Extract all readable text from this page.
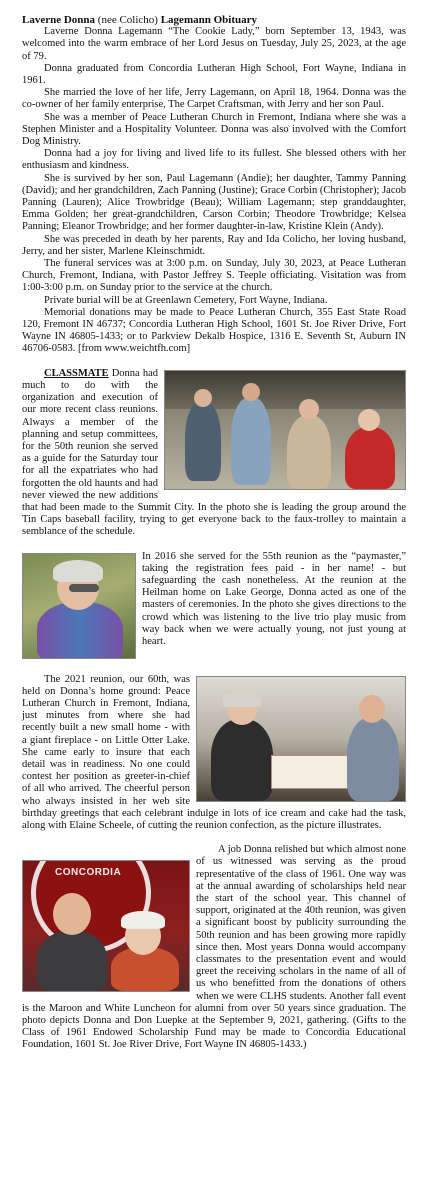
Laverne Donna (nee Colicho) Lagemann Obituary

Laverne Donna Lagemann “The Cookie Lady,” born September 13, 1943, was welcomed into the warm embrace of her Lord Jesus on Tuesday, July 25, 2023, at the age of 79.

Donna graduated from Concordia Lutheran High School, Fort Wayne, Indiana in 1961.

She married the love of her life, Jerry Lagemann, on April 18, 1964. Donna was the co-owner of her family enterprise, The Carpet Craftsman, with Jerry and her son Paul.

She was a member of Peace Lutheran Church in Fremont, Indiana where she was a Stephen Minister and a Hospitality Volunteer. Donna was also involved with the Comfort Dog Ministry.

Donna had a joy for living and lived life to its fullest. She blessed others with her enthusiasm and kindness.

She is survived by her son, Paul Lagemann (Andie); her daughter, Tammy Panning (David); and her grandchildren, Zach Panning (Justine); Grace Corbin (Christopher); Jacob Panning (Lauren); Alice Trowbridge (Beau); William Lagemann; step granddaughter, Emma Golden; her great-grandchildren, Carson Corbin; Theodore Trowbridge; Kelsea Panning; Eleanor Trowbridge; and her former daughter-in-law, Kristine Klein (Andy).

She was preceded in death by her parents, Ray and Ida Colicho, her loving husband, Jerry, and her sister, Marlene Kleinschmidt.

The funeral services was at 3:00 p.m. on Sunday, July 30, 2023, at Peace Lutheran Church, Fremont, Indiana, with Pastor Jeffrey S. Teeple officiating. Visitation was from 1:00-3:00 p.m. on Sunday prior to the service at the church.

Private burial will be at Greenlawn Cemetery, Fort Wayne, Indiana.

Memorial donations may be made to Peace Lutheran Church, 355 East State Road 120, Fremont IN 46737; Concordia Lutheran High School, 1601 St. Joe River Drive, Fort Wayne IN 46805-1433; or to Parkview Dekalb Hospice, 1316 E. Seventh St, Auburn IN 46706-0583. [from www.weichtfh.com]

CLASSMATE Donna had much to do with the organization and execution of our more recent class reunions. Always a member of the planning and setup committees, for the 50th reunion she served as a guide for the Saturday tour for all the expatriates who had forgotten the old haunts and had never viewed the new additions that had been made to the Summit City. In the photo she is leading the group around the Tin Caps baseball facility, trying to get everyone back to the faux-trolley to maintain a semblance of the schedule.

In 2016 she served for the 55th reunion as the “paymaster,” taking the registration fees paid - in her name! - but safeguarding the cash nonetheless. At the reunion at the Heilman home on Lake George, Donna acted as one of the masters of ceremonies. In the photo she gives directions to the crowd which was listening to the live trio play music from way back when we were actually young, not just young at heart.

The 2021 reunion, our 60th, was held on Donna’s home ground: Peace Lutheran Church in Fremont, Indiana, just minutes from where she had recently built a new small home - with a giant fireplace - on Little Otter Lake. She came early to insure that each detail was in readiness. No one could contest her position as greeter-in-chief of all who arrived. The cheerful person who always insisted in her web site birthday greetings that each celebrant indulge in lots of ice cream and cake had the task, along with Elaine Scheele, of cutting the reunion confection, as the picture illustrates.

CONCORDIA

A job Donna relished but which almost none of us witnessed was serving as the proud representative of the class of 1961. One way was at the annual awarding of scholarships held near the start of the school year. This channel of support, originated at the 40th reunion, was given a significant boost by publicity surrounding the 50th reunion and has been growing more rapidly since then. Most years Donna would accompany classmates to the presentation event and would greet the receiving scholars in the name of all of us who benefitted from the donations of others when we were CLHS students. Another fall event is the Maroon and White Luncheon for alumni from over 50 years since graduation. The photo depicts Donna and Don Luepke at the September 9, 2021, gathering. (Gifts to the Class of 1961 Endowed Scholarship Fund may be made to Concordia Educational Foundation, 1601 St. Joe River Drive, Fort Wayne IN 46805-1433.)
